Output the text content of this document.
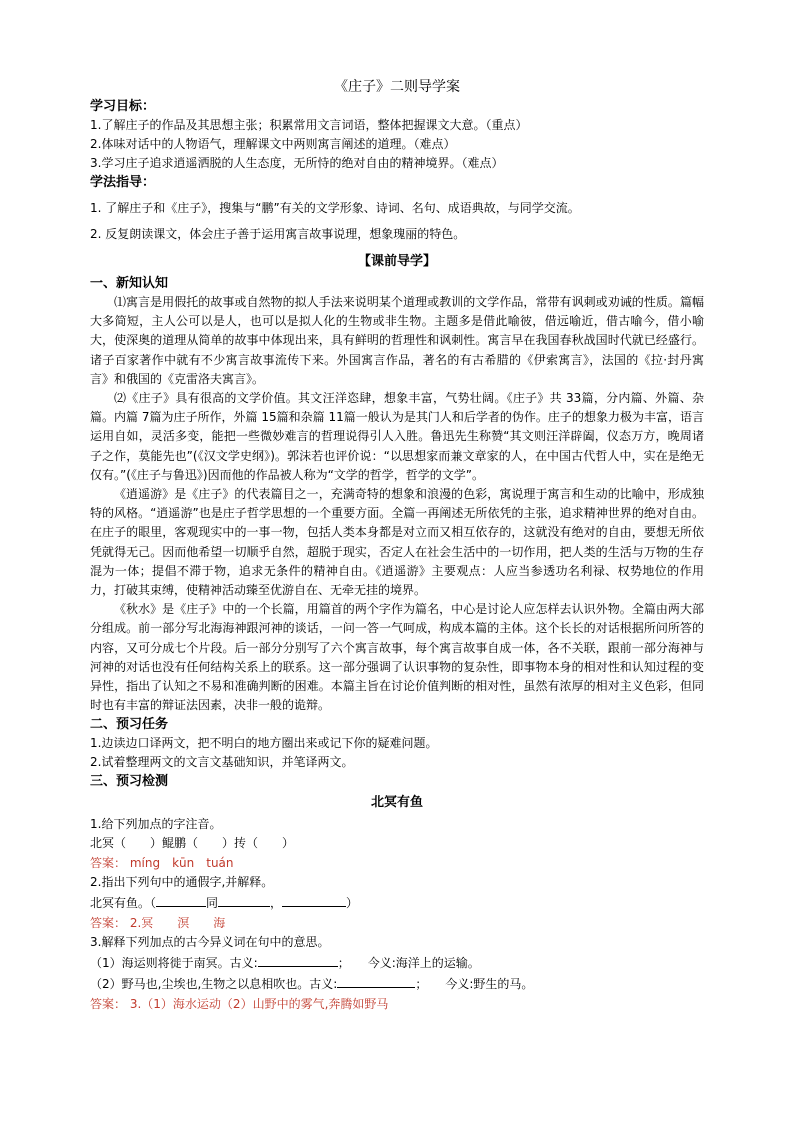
《庄子》二则导学案
学习目标：
1.了解庄子的作品及其思想主张；积累常用文言词语，整体把握课文大意。（重点）
2.体味对话中的人物语气，理解课文中两则寓言阐述的道理。（难点）
3.学习庄子追求逍遥洒脱的人生态度，无所恃的绝对自由的精神境界。（难点）
学法指导：
1. 了解庄子和《庄子》，搜集与“鹏”有关的文学形象、诗词、名句、成语典故，与同学交流。
2. 反复朗读课文，体会庄子善于运用寓言故事说理，想象瑰丽的特色。
【课前导学】
一、新知认知
⑴寓言是用假托的故事或自然物的拟人手法来说明某个道理或教训的文学作品，常带有讽刺或劝诫的性质。篇幅大多简短，主人公可以是人，也可以是拟人化的生物或非生物。主题多是借此喻彼，借远喻近，借古喻今，借小喻大，使深奥的道理从简单的故事中体现出来，具有鲜明的哲理性和讽刺性。寓言早在我国春秋战国时代就已经盛行。诸子百家著作中就有不少寓言故事流传下来。外国寓言作品，著名的有古希腊的《伊索寓言》，法国的《拉·封丹寓言》和俄国的《克雷洛夫寓言》。
⑵《庄子》具有很高的文学价值。其文汪洋恣肆，想象丰富，气势壮阔。《庄子》共 33篇，分内篇、外篇、杂篇。内篇 7篇为庄子所作，外篇 15篇和杂篇 11篇一般认为是其门人和后学者的伪作。庄子的想象力极为丰富，语言运用自如，灵活多变，能把一些微妙难言的哲理说得引人入胜。鲁迅先生称赞“其文则汪洋辟阖，仪态万方，晚周诸子之作，莫能先也”(《汉文学史纲》)。郭沫若也评价说：“以思想家而兼文章家的人，在中国古代哲人中，实在是绝无仅有。”(《庄子与鲁迅》)因而他的作品被人称为“文学的哲学，哲学的文学”。
《逍遥游》是《庄子》的代表篇目之一，充满奇特的想象和浪漫的色彩，寓说理于寓言和生动的比喻中，形成独特的风格。“逍遥游”也是庄子哲学思想的一个重要方面。全篇一再阐述无所依凭的主张，追求精神世界的绝对自由。在庄子的眼里，客观现实中的一事一物，包括人类本身都是对立而又相互依存的，这就没有绝对的自由，要想无所依凭就得无己。因而他希望一切顺乎自然，超脱于现实，否定人在社会生活中的一切作用，把人类的生活与万物的生存混为一体；提倡不滞于物，追求无条件的精神自由。《逍遥游》主要观点：人应当参透功名利禄、权势地位的作用力，打破其束缚，使精神活动臻至优游自在、无牵无挂的境界。
《秋水》是《庄子》中的一个长篇，用篇首的两个字作为篇名，中心是讨论人应怎样去认识外物。全篇由两大部分组成。前一部分写北海海神跟河神的谈话，一问一答一气呵成，构成本篇的主体。这个长长的对话根据所问所答的内容，又可分成七个片段。后一部分分别写了六个寓言故事，每个寓言故事自成一体，各不关联，跟前一部分海神与河神的对话也没有任何结构关系上的联系。这一部分强调了认识事物的复杂性，即事物本身的相对性和认知过程的变异性，指出了认知之不易和准确判断的困难。本篇主旨在讨论价值判断的相对性，虽然有浓厚的相对主义色彩，但同时也有丰富的辩证法因素，决非一般的诡辩。
二、预习任务
1.边读边口译两文，把不明白的地方圈出来或记下你的疑难问题。
2.试着整理两文的文言文基础知识，并笔译两文。
三、预习检测
北冥有鱼
1.给下列加点的字注音。
北冥（　　）鲲鹏（　　）抟（　　）
答案： míng　kūn　tuán
2.指出下列句中的通假字,并解释。
北冥有鱼。（	同	，	）
答案： 2.冥　　溟　　海
3.解释下列加点的古今异义词在句中的意思。
（1）海运则将徙于南冥。古义:	；　　今义:海洋上的运输。
（2）野马也,尘埃也,生物之以息相吹也。古义:	；　　今义:野生的马。
答案： 3.（1）海水运动（2）山野中的雾气,奔腾如野马
